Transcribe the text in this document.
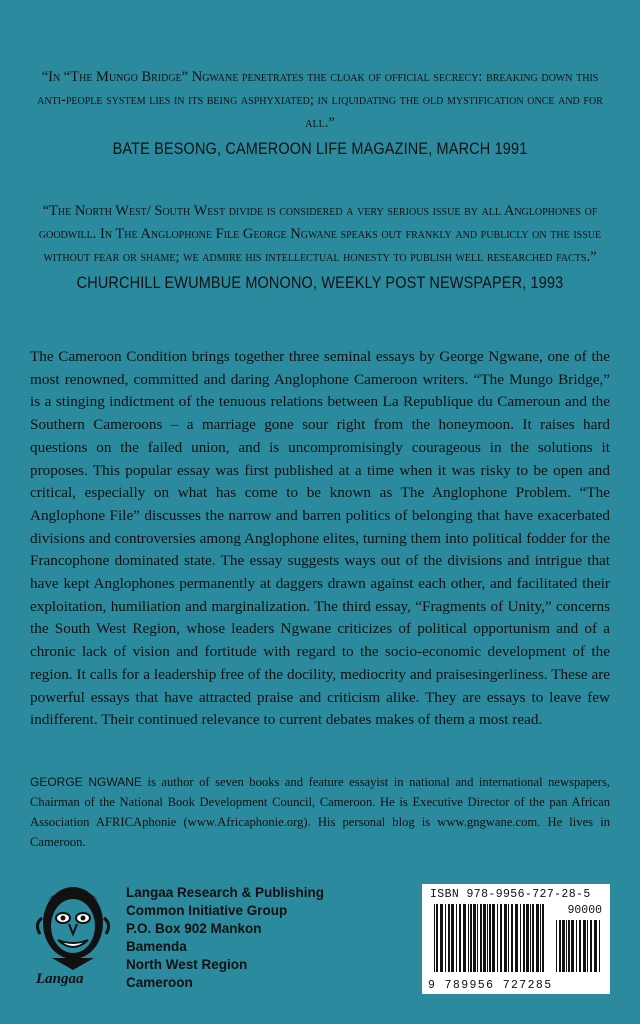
“In “The Mungo Bridge” Ngwane penetrates the cloak of official secrecy: breaking down this anti-people system lies in its being asphyxiated; in liquidating the old mystification once and for all.”
BATE BESONG, CAMEROON LIFE MAGAZINE, MARCH 1991
“The North West/ South West divide is considered a very serious issue by all Anglophones of goodwill. In The Anglophone File George Ngwane speaks out frankly and publicly on the issue without fear or shame; we admire his intellectual honesty to publish well researched facts.”
CHURCHILL EWUMBUE MONONO, WEEKLY POST NEWSPAPER, 1993
The Cameroon Condition brings together three seminal essays by George Ngwane, one of the most renowned, committed and daring Anglophone Cameroon writers. “The Mungo Bridge,” is a stinging indictment of the tenuous relations between La Republique du Cameroun and the Southern Cameroons – a marriage gone sour right from the honeymoon. It raises hard questions on the failed union, and is uncompromisingly courageous in the solutions it proposes. This popular essay was first published at a time when it was risky to be open and critical, especially on what has come to be known as The Anglophone Problem. “The Anglophone File” discusses the narrow and barren politics of belonging that have exacerbated divisions and controversies among Anglophone elites, turning them into political fodder for the Francophone dominated state. The essay suggests ways out of the divisions and intrigue that have kept Anglophones permanently at daggers drawn against each other, and facilitated their exploitation, humiliation and marginalization. The third essay, “Fragments of Unity,” concerns the South West Region, whose leaders Ngwane criticizes of political opportunism and of a chronic lack of vision and fortitude with regard to the socio-economic development of the region. It calls for a leadership free of the docility, mediocrity and praisesingerliness. These are powerful essays that have attracted praise and criticism alike. They are essays to leave few indifferent. Their continued relevance to current debates makes of them a most read.
GEORGE NGWANE is author of seven books and feature essayist in national and international newspapers, Chairman of the National Book Development Council, Cameroon. He is Executive Director of the pan African Association AFRICAphonie (www.Africaphonie.org). His personal blog is www.gngwane.com. He lives in Cameroon.
Langaa
Langaa Research & Publishing
Common Initiative Group
P.O. Box 902 Mankon
Bamenda
North West Region
Cameroon
ISBN 978-9956-727-28-5
90000
9 789956 727285
